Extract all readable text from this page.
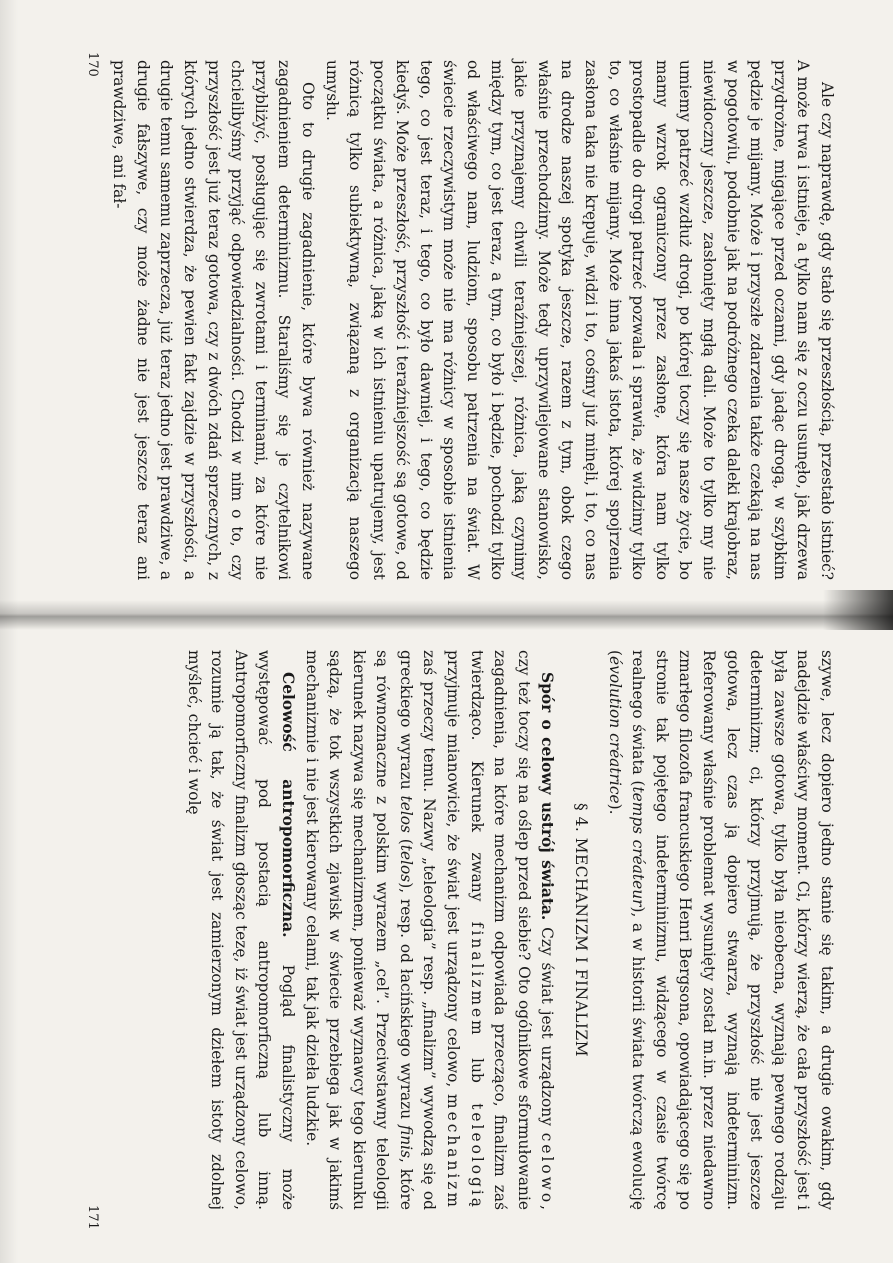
Ale czy naprawdę, gdy stało się przeszłością, przestało istnieć? A może trwa i istnieje, a tylko nam się z oczu usunęło, jak drzewa przydrożne, migające przed oczami, gdy jadąc drogą, w szybkim pędzie je mijamy. Może i przyszłe zdarzenia także czekają na nas w pogotowiu, podobnie jak na podróżnego czeka daleki krajobraz, niewidoczny jeszcze, zasłonięty mgłą dali. Może to tylko my nie umiemy patrzeć wzdłuż drogi, po której toczy się nasze życie, bo mamy wzrok ograniczony przez zasłonę, która nam tylko prostopadle do drogi patrzeć pozwala i sprawia, że widzimy tylko to, co właśnie mijamy. Może inna jakaś istota, której spojrzenia zasłona taka nie krępuje, widzi i to, cośmy już minęli, i to, co nas na drodze naszej spotyka jeszcze, razem z tym, obok czego właśnie przechodzimy. Może tedy uprzywilejowane stanowisko, jakie przyznajemy chwili teraźniejszej, różnica, jaką czynimy między tym, co jest teraz, a tym, co było i będzie, pochodzi tylko od właściwego nam, ludziom, sposobu patrzenia na świat. W świecie rzeczywistym może nie ma różnicy w sposobie istnienia tego, co jest teraz, i tego, co było dawniej, i tego, co będzie kiedyś. Może przeszłość, przyszłość i teraźniejszość są gotowe, od początku świata, a różnica, jaką w ich istnieniu upatrujemy, jest różnicą tylko subiektywną, związaną z organizacją naszego umysłu.

Oto to drugie zagadnienie, które bywa również nazywane zagadnieniem determinizmu. Staraliśmy się je czytelnikowi przybliżyć, posługując się zwrotami i terminami, za które nie chcielibyśmy przyjąć odpowiedzialności. Chodzi w nim o to, czy przyszłość jest już teraz gotowa, czy z dwóch zdań sprzecznych, z których jedno stwierdza, że pewien fakt zajdzie w przyszłości, a drugie temu samemu zaprzecza, już teraz jedno jest prawdziwe, a drugie fałszywe, czy może żadne nie jest jeszcze teraz ani prawdziwe, ani fał-

szywe, lecz dopiero jedno stanie się takim, a drugie owakim, gdy nadejdzie właściwy moment. Ci, którzy wierzą, że cała przyszłość jest i była zawsze gotowa, tylko była nieobecna, wyznają pewnego rodzaju determinizm; ci, którzy przyjmują, że przyszłość nie jest jeszcze gotowa, lecz czas ją dopiero stwarza, wyznają indeterminizm. Referowany właśnie problemat wysunięty został m.in. przez niedawno zmarłego filozofa francuskiego Henri Bergsona, opowiadającego się po stronie tak pojętego indeterminizmu, widzącego w czasie twórcę realnego świata (temps créateur), a w historii świata twórczą ewolucję (évolution créatrice).

§ 4. MECHANIZM I FINALIZM

Spór o celowy ustrój świata. Czy świat jest urządzony celowo, czy też toczy się na oślep przed siebie? Oto ogólnikowe sformułowanie zagadnienia, na które mechanizm odpowiada przecząco, finalizm zaś twierdząco. Kierunek zwany finalizmem lub teleologią przyjmuje mianowicie, że świat jest urządzony celowo, mechanizm zaś przeczy temu. Nazwy „teleologia” resp. „finalizm” wywodzą się od greckiego wyrazu telos (telos), resp. od łacińskiego wyrazu finis, które są równoznaczne z polskim wyrazem „cel”. Przeciwstawny teleologii kierunek nazywa się mechanizmem, ponieważ wyznawcy tego kierunku sądzą, że tok wszystkich zjawisk w świecie przebiega jak w jakimś mechanizmie i nie jest kierowany celami, tak jak dzieła ludzkie.

Celowość antropomorficzna. Pogląd finalistyczny może występować pod postacią antropomorficzną lub inną. Antropomorficzny finalizm głosząc tezę, iż świat jest urządzony celowo, rozumie ją tak, że świat jest zamierzonym dziełem istoty zdolnej myśleć, chcieć i wolę

170
171
